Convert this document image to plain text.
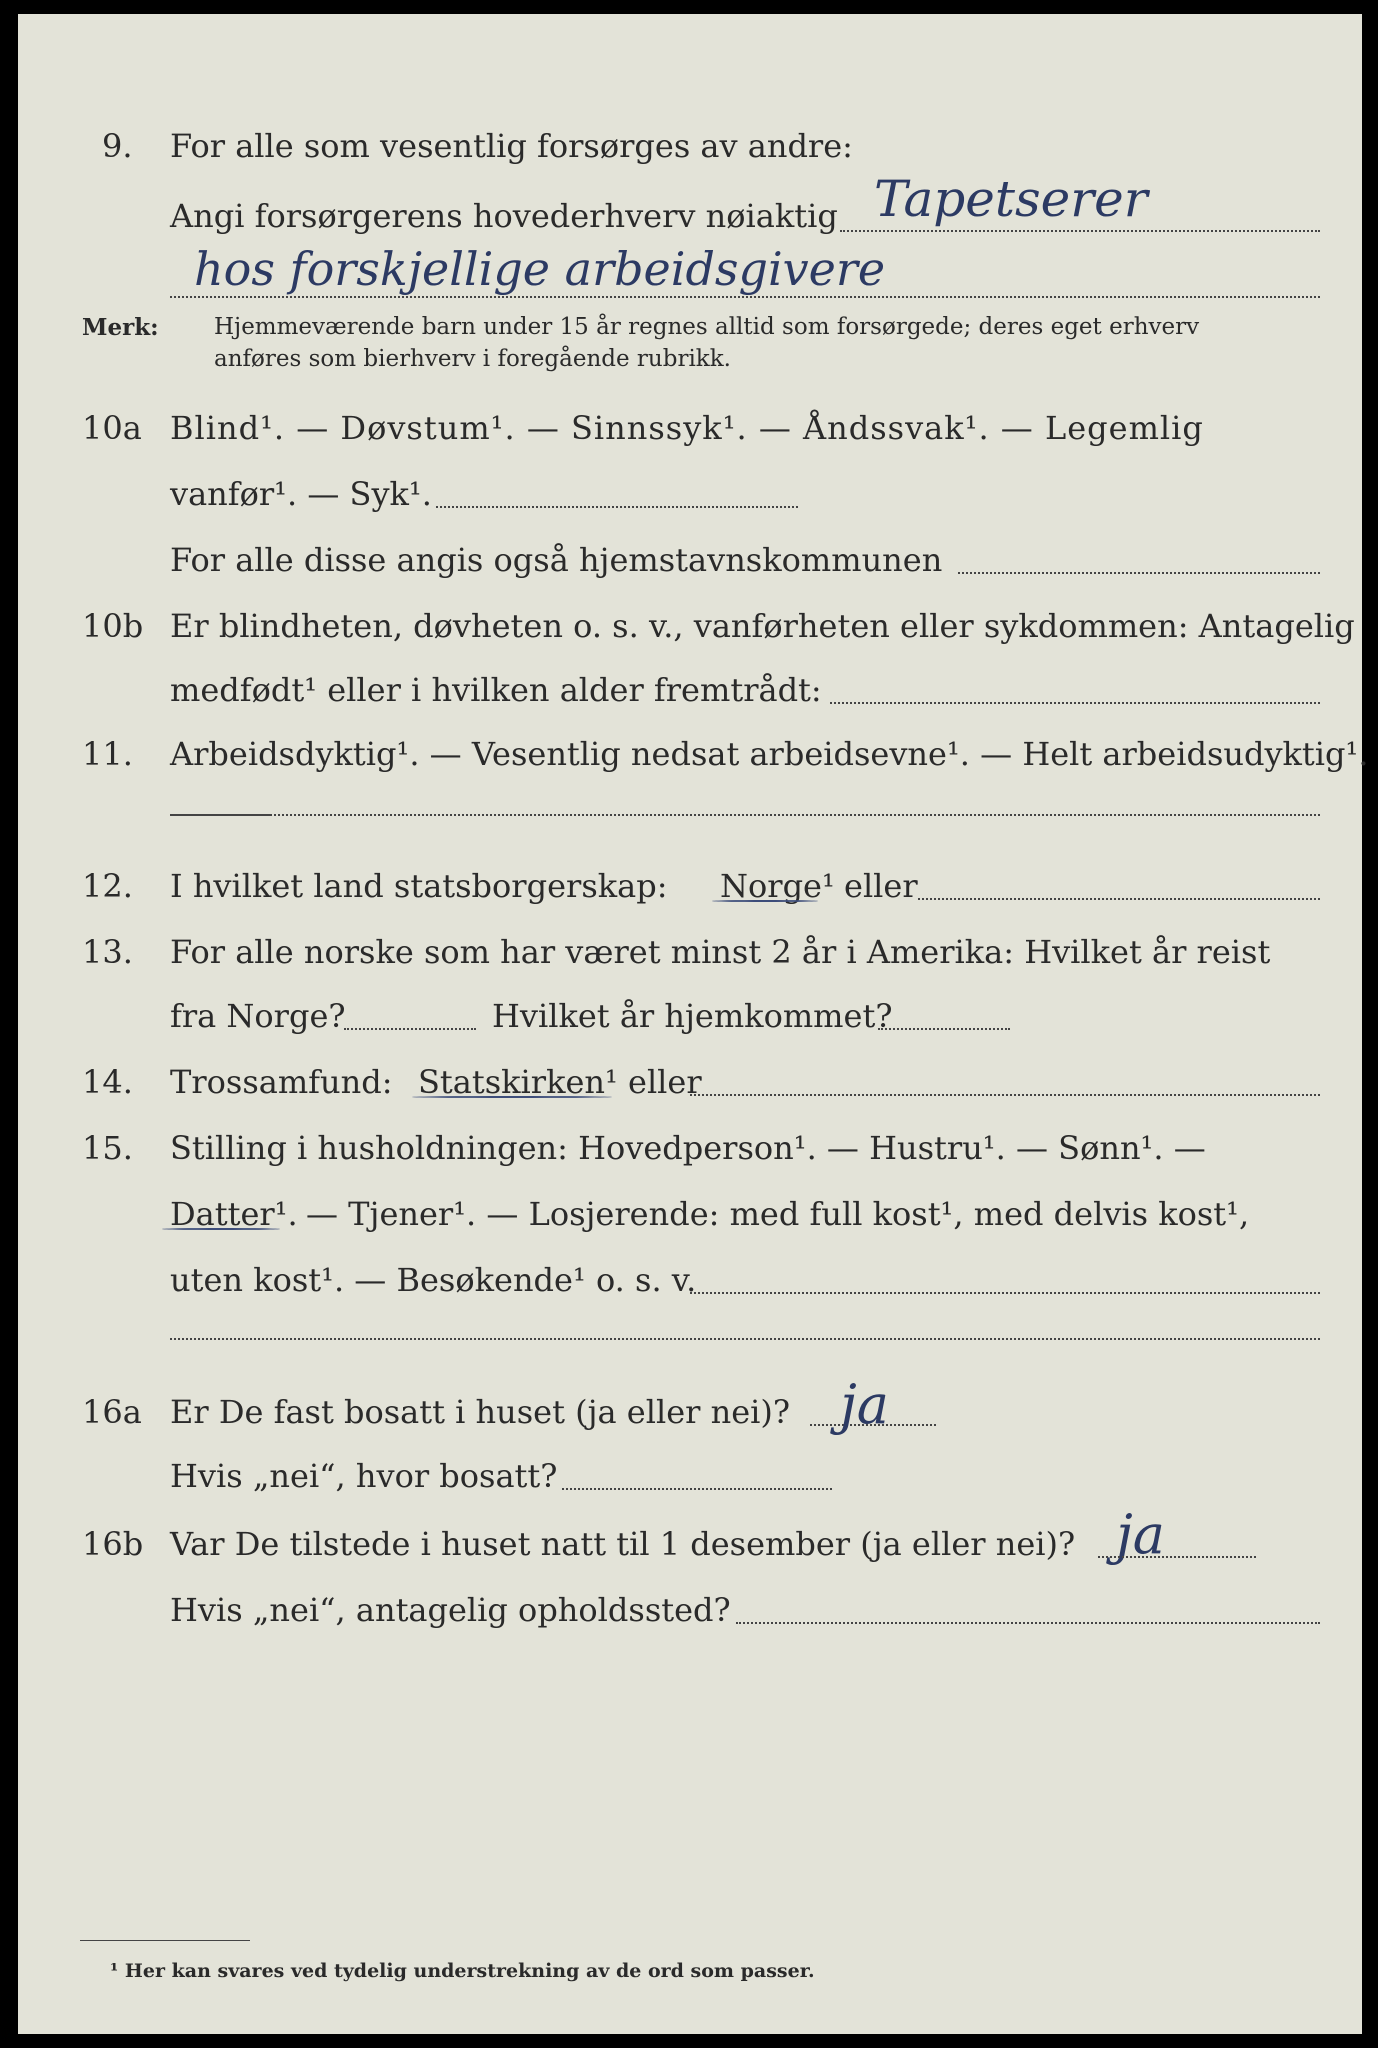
9. For alle som vesentlig forsørges av andre:
Angi forsørgerens hovederhverv nøiaktig Tapetserer
hos forskjellige arbeidsgivere
Merk: Hjemmeværende barn under 15 år regnes alltid som forsørgede; deres eget erhverv
anføres som bierhverv i foregående rubrikk.
10a Blind¹. — Døvstum¹. — Sinnssyk¹. — Åndssvak¹. — Legemlig
vanfør¹. — Syk¹.
For alle disse angis også hjemstavnskommunen
10b Er blindheten, døvheten o. s. v., vanførheten eller sykdommen: Antagelig
medfødt¹ eller i hvilken alder fremtrådt:
11. Arbeidsdyktig¹. — Vesentlig nedsat arbeidsevne¹. — Helt arbeidsudyktig¹.
12. I hvilket land statsborgerskap: Norge¹ eller
13. For alle norske som har været minst 2 år i Amerika: Hvilket år reist
fra Norge?	Hvilket år hjemkommet?
14. Trossamfund: Statskirken¹ eller
15. Stilling i husholdningen: Hovedperson¹. — Hustru¹. — Sønn¹. —
Datter¹. — Tjener¹. — Losjerende: med full kost¹, med delvis kost¹,
uten kost¹. — Besøkende¹ o. s. v.
16a Er De fast bosatt i huset (ja eller nei)? ja
Hvis „nei“, hvor bosatt?
16b Var De tilstede i huset natt til 1 desember (ja eller nei)? ja
Hvis „nei“, antagelig opholdssted?
¹ Her kan svares ved tydelig understrekning av de ord som passer.
